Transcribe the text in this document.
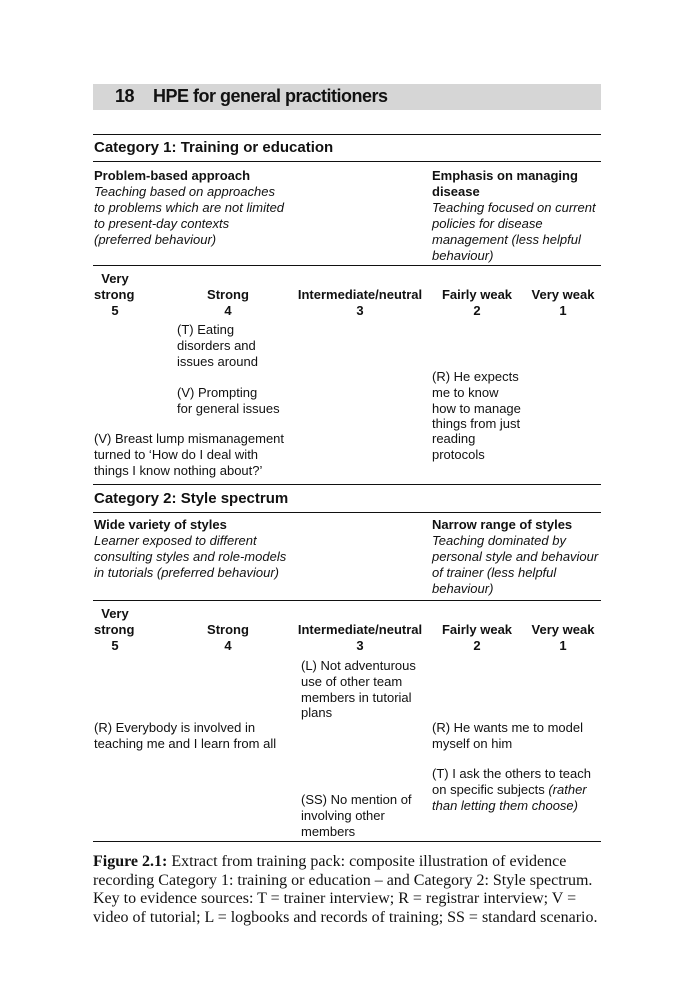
18 HPE for general practitioners
Category 1: Training or education
Problem-based approach
Teaching based on approaches
to problems which are not limited
to present-day contexts
(preferred behaviour)
Emphasis on managing
disease
Teaching focused on current
policies for disease
management (less helpful
behaviour)
Very
strong
5
Strong
4
Intermediate/neutral
3
Fairly weak
2
Very weak
1
(T) Eating
disorders and
issues around
(V) Prompting
for general issues
(V) Breast lump mismanagement
turned to ‘How do I deal with
things I know nothing about?’
(R) He expects
me to know
how to manage
things from just
reading
protocols
Category 2: Style spectrum
Wide variety of styles
Learner exposed to different
consulting styles and role-models
in tutorials (preferred behaviour)
Narrow range of styles
Teaching dominated by
personal style and behaviour
of trainer (less helpful
behaviour)
Very
strong
5
Strong
4
Intermediate/neutral
3
Fairly weak
2
Very weak
1
(L) Not adventurous
use of other team
members in tutorial
plans
(R) Everybody is involved in
teaching me and I learn from all
(R) He wants me to model
myself on him
(T) I ask the others to teach
on specific subjects (rather
than letting them choose)
(SS) No mention of
involving other
members
Figure 2.1: Extract from training pack: composite illustration of evidence recording Category 1: training or education – and Category 2: Style spectrum. Key to evidence sources: T = trainer interview; R = registrar interview; V = video of tutorial; L = logbooks and records of training; SS = standard scenario.
